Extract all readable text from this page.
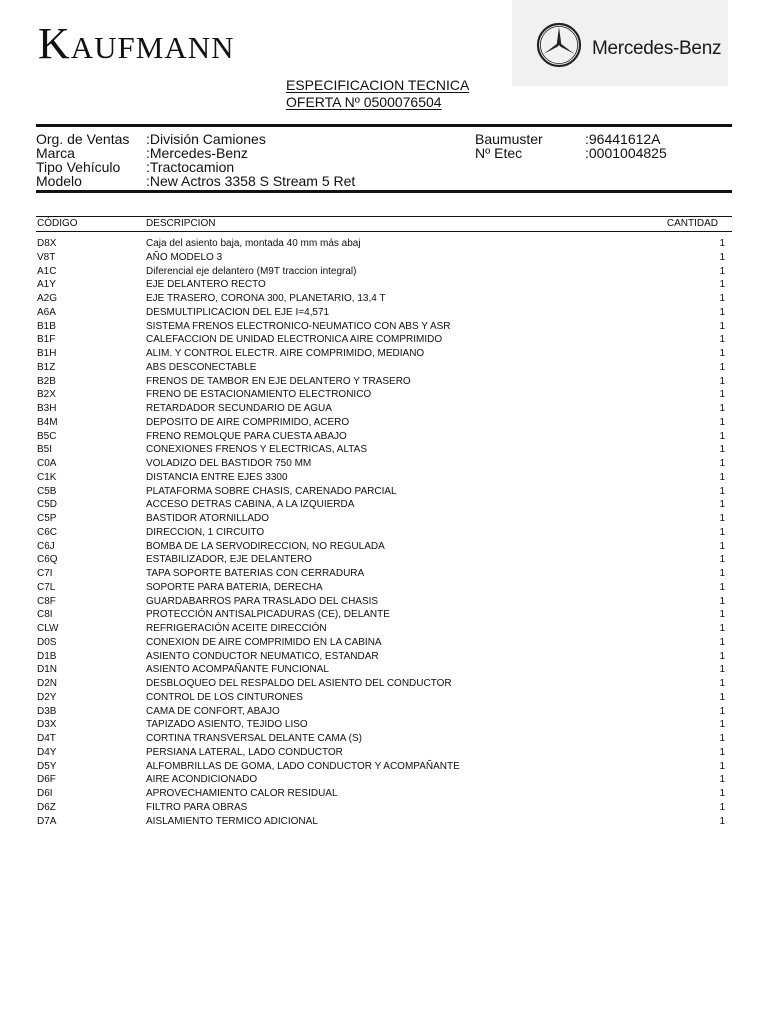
KAUFMANN	Mercedes-Benz
ESPECIFICACION TECNICA
OFERTA Nº 0500076504
Org. de Ventas :División Camiones
Marca	:Mercedes-Benz
Tipo Vehículo :Tractocamion
Modelo	:New Actros 3358 S Stream 5 Ret
Baumuster	:96441612A
Nº Etec	:0001004825
CÓDIGO	DESCRIPCION	CANTIDAD
D8X	Caja del asiento baja, montada 40 mm más abaj	1
V8T	AÑO MODELO 3	1
A1C	Diferencial eje delantero (M9T traccion integral)	1
A1Y	EJE DELANTERO RECTO	1
A2G	EJE TRASERO, CORONA 300, PLANETARIO, 13,4 T	1
A6A	DESMULTIPLICACION DEL EJE I=4,571	1
B1B	SISTEMA FRENOS ELECTRONICO-NEUMATICO CON ABS Y ASR	1
B1F	CALEFACCION DE UNIDAD ELECTRONICA AIRE COMPRIMIDO	1
B1H	ALIM. Y CONTROL ELECTR. AIRE COMPRIMIDO, MEDIANO	1
B1Z	ABS DESCONECTABLE	1
B2B	FRENOS DE TAMBOR EN EJE DELANTERO Y TRASERO	1
B2X	FRENO DE ESTACIONAMIENTO ELECTRONICO	1
B3H	RETARDADOR SECUNDARIO DE AGUA	1
B4M	DEPOSITO DE AIRE COMPRIMIDO, ACERO	1
B5C	FRENO REMOLQUE PARA CUESTA ABAJO	1
B5I	CONEXIONES FRENOS Y ELECTRICAS, ALTAS	1
C0A	VOLADIZO DEL BASTIDOR 750 MM	1
C1K	DISTANCIA ENTRE EJES 3300	1
C5B	PLATAFORMA SOBRE CHASIS, CARENADO PARCIAL	1
C5D	ACCESO DETRAS CABINA, A LA IZQUIERDA	1
C5P	BASTIDOR ATORNILLADO	1
C6C	DIRECCION, 1 CIRCUITO	1
C6J	BOMBA DE LA SERVODIRECCION, NO REGULADA	1
C6Q	ESTABILIZADOR, EJE DELANTERO	1
C7I	TAPA SOPORTE BATERIAS CON CERRADURA	1
C7L	SOPORTE PARA BATERIA, DERECHA	1
C8F	GUARDABARROS PARA TRASLADO DEL CHASIS	1
C8I	PROTECCIÓN ANTISALPICADURAS (CE), DELANTE	1
CLW	REFRIGERACIÓN ACEITE DIRECCIÓN	1
D0S	CONEXION DE AIRE COMPRIMIDO EN LA CABINA	1
D1B	ASIENTO CONDUCTOR NEUMATICO, ESTANDAR	1
D1N	ASIENTO ACOMPAÑANTE FUNCIONAL	1
D2N	DESBLOQUEO DEL RESPALDO DEL ASIENTO DEL CONDUCTOR	1
D2Y	CONTROL DE LOS CINTURONES	1
D3B	CAMA DE CONFORT, ABAJO	1
D3X	TAPIZADO ASIENTO, TEJIDO LISO	1
D4T	CORTINA TRANSVERSAL DELANTE CAMA (S)	1
D4Y	PERSIANA LATERAL, LADO CONDUCTOR	1
D5Y	ALFOMBRILLAS DE GOMA, LADO CONDUCTOR Y ACOMPAÑANTE	1
D6F	AIRE ACONDICIONADO	1
D6I	APROVECHAMIENTO CALOR RESIDUAL	1
D6Z	FILTRO PARA OBRAS	1
D7A	AISLAMIENTO TERMICO ADICIONAL	1
